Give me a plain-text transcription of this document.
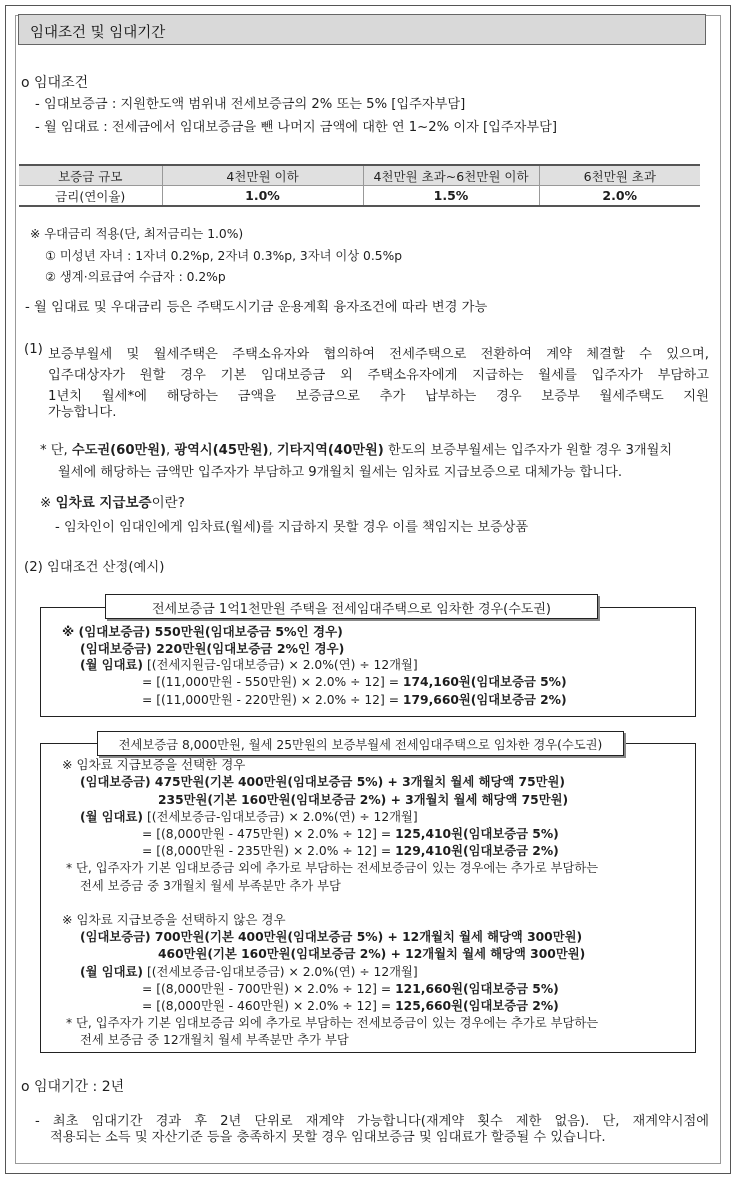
임대조건 및 임대기간
o 임대조건
- 임대보증금 : 지원한도액 범위내 전세보증금의 2% 또는 5% [입주자부담]
- 월 임대료 : 전세금에서 임대보증금을 뺀 나머지 금액에 대한 연 1~2% 이자 [입주자부담]
보증금 규모	4천만원 이하	4천만원 초과~6천만원 이하	6천만원 초과
금리(연이율)	1.0%	1.5%	2.0%
※ 우대금리 적용(단, 최저금리는 1.0%)
① 미성년 자녀 : 1자녀 0.2%p, 2자녀 0.3%p, 3자녀 이상 0.5%p
② 생계·의료급여 수급자 : 0.2%p
- 월 임대료 및 우대금리 등은 주택도시기금 운용계획 융자조건에 따라 변경 가능
(1) 보증부월세 및 월세주택은 주택소유자와 협의하여 전세주택으로 전환하여 계약 체결할 수 있으며,
입주대상자가 원할 경우 기본 임대보증금 외 주택소유자에게 지급하는 월세를 입주자가 부담하고
1년치 월세*에 해당하는 금액을 보증금으로 추가 납부하는 경우 보증부 월세주택도 지원
가능합니다.
* 단, 수도권(60만원), 광역시(45만원), 기타지역(40만원) 한도의 보증부월세는 입주자가 원할 경우 3개월치
월세에 해당하는 금액만 입주자가 부담하고 9개월치 월세는 임차료 지급보증으로 대체가능 합니다.
※ 임차료 지급보증이란?
- 임차인이 임대인에게 임차료(월세)를 지급하지 못할 경우 이를 책임지는 보증상품
(2) 임대조건 산정(예시)
전세보증금 1억1천만원 주택을 전세임대주택으로 임차한 경우(수도권)
※ (임대보증금) 550만원(임대보증금 5%인 경우)
(임대보증금) 220만원(임대보증금 2%인 경우)
(월 임대료) [(전세지원금-임대보증금) × 2.0%(연) ÷ 12개월]
= [(11,000만원 - 550만원) × 2.0% ÷ 12] = 174,160원(임대보증금 5%)
= [(11,000만원 - 220만원) × 2.0% ÷ 12] = 179,660원(임대보증금 2%)
전세보증금 8,000만원, 월세 25만원의 보증부월세 전세임대주택으로 임차한 경우(수도권)
※ 임차료 지급보증을 선택한 경우
(임대보증금) 475만원(기본 400만원(임대보증금 5%) + 3개월치 월세 해당액 75만원)
235만원(기본 160만원(임대보증금 2%) + 3개월치 월세 해당액 75만원)
(월 임대료) [(전세보증금-임대보증금) × 2.0%(연) ÷ 12개월]
= [(8,000만원 - 475만원) × 2.0% ÷ 12] = 125,410원(임대보증금 5%)
= [(8,000만원 - 235만원) × 2.0% ÷ 12] = 129,410원(임대보증금 2%)
* 단, 입주자가 기본 임대보증금 외에 추가로 부담하는 전세보증금이 있는 경우에는 추가로 부담하는
전세 보증금 중 3개월치 월세 부족분만 추가 부담
※ 임차료 지급보증을 선택하지 않은 경우
(임대보증금) 700만원(기본 400만원(임대보증금 5%) + 12개월치 월세 해당액 300만원)
460만원(기본 160만원(임대보증금 2%) + 12개월치 월세 해당액 300만원)
(월 임대료) [(전세보증금-임대보증금) × 2.0%(연) ÷ 12개월]
= [(8,000만원 - 700만원) × 2.0% ÷ 12] = 121,660원(임대보증금 5%)
= [(8,000만원 - 460만원) × 2.0% ÷ 12] = 125,660원(임대보증금 2%)
* 단, 입주자가 기본 임대보증금 외에 추가로 부담하는 전세보증금이 있는 경우에는 추가로 부담하는
전세 보증금 중 12개월치 월세 부족분만 추가 부담
o 임대기간 : 2년
- 최초 임대기간 경과 후 2년 단위로 재계약 가능합니다(재계약 횟수 제한 없음). 단, 재계약시점에
적용되는 소득 및 자산기준 등을 충족하지 못할 경우 임대보증금 및 임대료가 할증될 수 있습니다.
